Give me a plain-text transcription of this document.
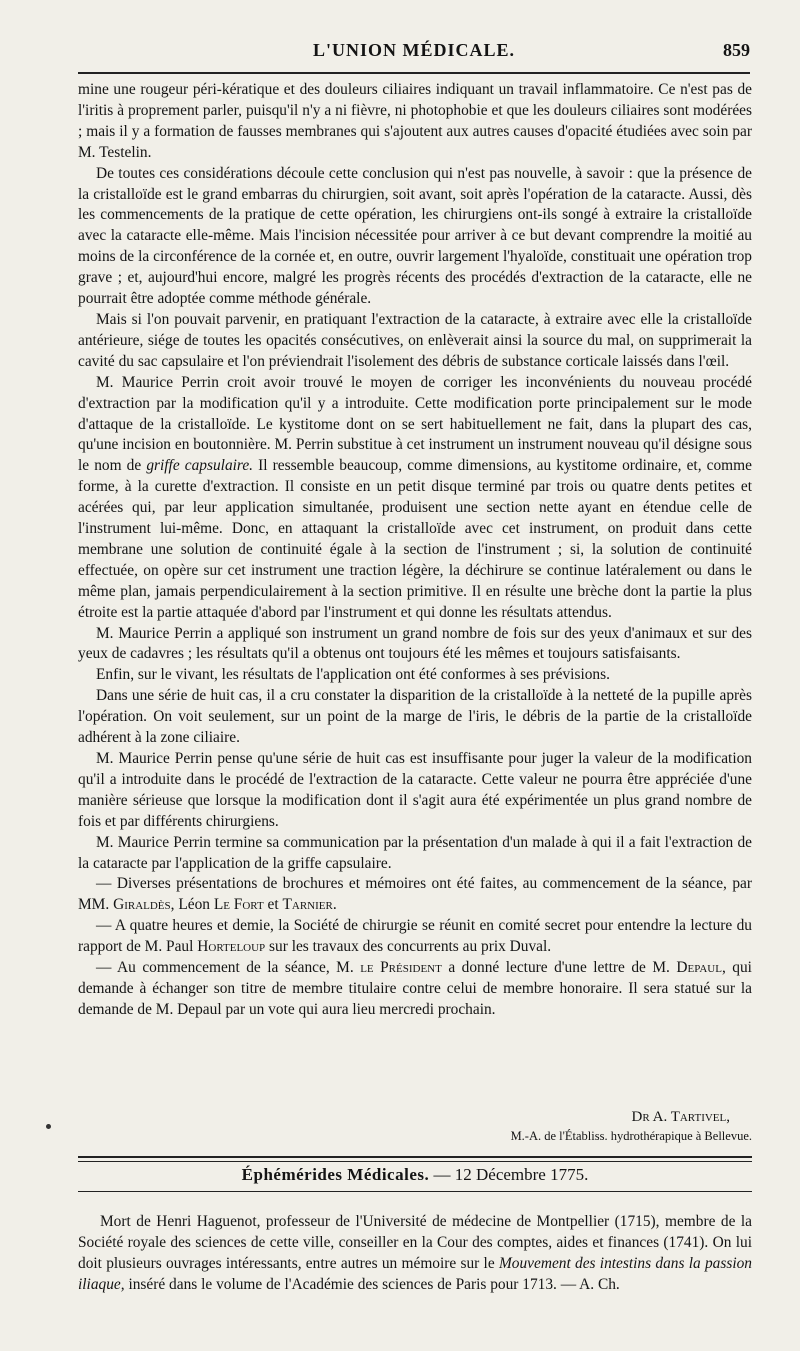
L'UNION MÉDICALE.	859

mine une rougeur péri-kératique et des douleurs ciliaires indiquant un travail inflammatoire. Ce n'est pas de l'iritis à proprement parler, puisqu'il n'y a ni fièvre, ni photophobie et que les douleurs ciliaires sont modérées ; mais il y a formation de fausses membranes qui s'ajoutent aux autres causes d'opacité étudiées avec soin par M. Testelin.

De toutes ces considérations découle cette conclusion qui n'est pas nouvelle, à savoir : que la présence de la cristalloïde est le grand embarras du chirurgien, soit avant, soit après l'opération de la cataracte. Aussi, dès les commencements de la pratique de cette opération, les chirurgiens ont-ils songé à extraire la cristalloïde avec la cataracte elle-même. Mais l'incision nécessitée pour arriver à ce but devant comprendre la moitié au moins de la circonférence de la cornée et, en outre, ouvrir largement l'hyaloïde, constituait une opération trop grave ; et, aujourd'hui encore, malgré les progrès récents des procédés d'extraction de la cataracte, elle ne pourrait être adoptée comme méthode générale.

Mais si l'on pouvait parvenir, en pratiquant l'extraction de la cataracte, à extraire avec elle la cristalloïde antérieure, siége de toutes les opacités consécutives, on enlèverait ainsi la source du mal, on supprimerait la cavité du sac capsulaire et l'on préviendrait l'isolement des débris de substance corticale laissés dans l'œil.

M. Maurice Perrin croit avoir trouvé le moyen de corriger les inconvénients du nouveau procédé d'extraction par la modification qu'il y a introduite. Cette modification porte principalement sur le mode d'attaque de la cristalloïde. Le kystitome dont on se sert habituellement ne fait, dans la plupart des cas, qu'une incision en boutonnière. M. Perrin substitue à cet instrument un instrument nouveau qu'il désigne sous le nom de griffe capsulaire. Il ressemble beaucoup, comme dimensions, au kystitome ordinaire, et, comme forme, à la curette d'extraction. Il consiste en un petit disque terminé par trois ou quatre dents petites et acérées qui, par leur application simultanée, produisent une section nette ayant en étendue celle de l'instrument lui-même. Donc, en attaquant la cristalloïde avec cet instrument, on produit dans cette membrane une solution de continuité égale à la section de l'instrument ; si, la solution de continuité effectuée, on opère sur cet instrument une traction légère, la déchirure se continue latéralement ou dans le même plan, jamais perpendiculairement à la section primitive. Il en résulte une brèche dont la partie la plus étroite est la partie attaquée d'abord par l'instrument et qui donne les résultats attendus.

M. Maurice Perrin a appliqué son instrument un grand nombre de fois sur des yeux d'animaux et sur des yeux de cadavres ; les résultats qu'il a obtenus ont toujours été les mêmes et toujours satisfaisants.

Enfin, sur le vivant, les résultats de l'application ont été conformes à ses prévisions.

Dans une série de huit cas, il a cru constater la disparition de la cristalloïde à la netteté de la pupille après l'opération. On voit seulement, sur un point de la marge de l'iris, le débris de la partie de la cristalloïde adhérent à la zone ciliaire.

M. Maurice Perrin pense qu'une série de huit cas est insuffisante pour juger la valeur de la modification qu'il a introduite dans le procédé de l'extraction de la cataracte. Cette valeur ne pourra être appréciée d'une manière sérieuse que lorsque la modification dont il s'agit aura été expérimentée un plus grand nombre de fois et par différents chirurgiens.

M. Maurice Perrin termine sa communication par la présentation d'un malade à qui il a fait l'extraction de la cataracte par l'application de la griffe capsulaire.

— Diverses présentations de brochures et mémoires ont été faites, au commencement de la séance, par MM. Giraldès, Léon Le Fort et Tarnier.

— A quatre heures et demie, la Société de chirurgie se réunit en comité secret pour entendre la lecture du rapport de M. Paul Horteloup sur les travaux des concurrents au prix Duval.

— Au commencement de la séance, M. le Président a donné lecture d'une lettre de M. Depaul, qui demande à échanger son titre de membre titulaire contre celui de membre honoraire. Il sera statué sur la demande de M. Depaul par un vote qui aura lieu mercredi prochain.

Dr A. Tartivel,
M.-A. de l'Établiss. hydrothérapique à Bellevue.
Éphémérides Médicales. — 12 Décembre 1775.

Mort de Henri Haguenot, professeur de l'Université de médecine de Montpellier (1715), membre de la Société royale des sciences de cette ville, conseiller en la Cour des comptes, aides et finances (1741). On lui doit plusieurs ouvrages intéressants, entre autres un mémoire sur le Mouvement des intestins dans la passion iliaque, inséré dans le volume de l'Académie des sciences de Paris pour 1713. — A. Ch.
